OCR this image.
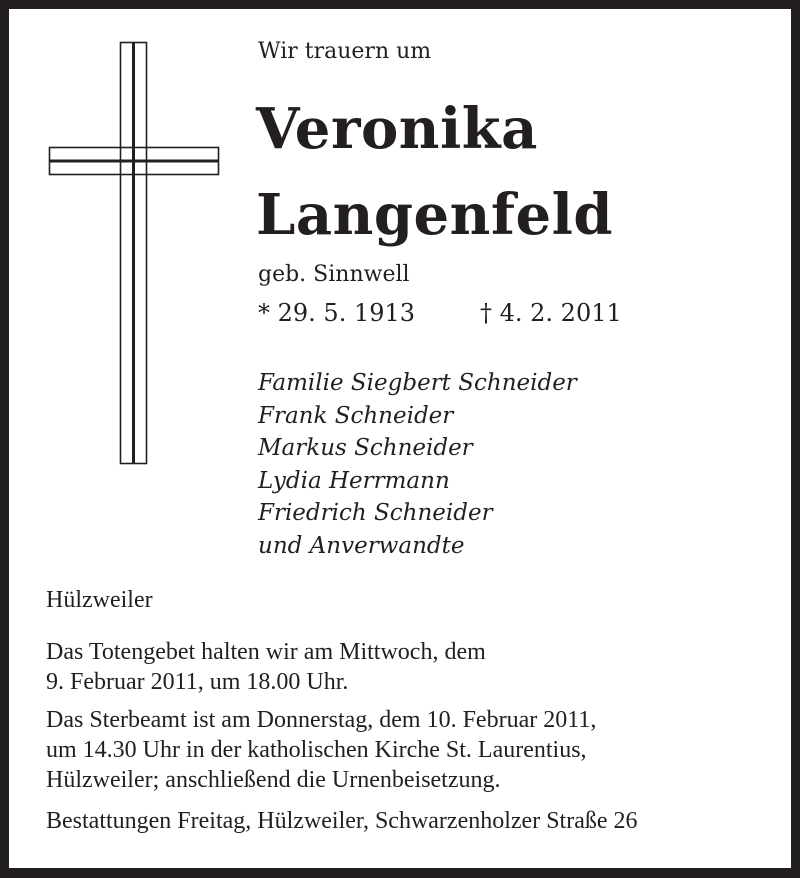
Wir trauern um

Veronika

Langenfeld

geb. Sinnwell

* 29. 5. 1913	† 4. 2. 2011
Familie Siegbert Schneider
Frank Schneider
Markus Schneider
Lydia Herrmann
Friedrich Schneider
und Anverwandte

Hülzweiler

Das Totengebet halten wir am Mittwoch, dem
9. Februar 2011, um 18.00 Uhr.
Das Sterbeamt ist am Donnerstag, dem 10. Februar 2011,
um 14.30 Uhr in der katholischen Kirche St. Laurentius,
Hülzweiler; anschließend die Urnenbeisetzung.

Bestattungen Freitag, Hülzweiler, Schwarzenholzer Straße 26
